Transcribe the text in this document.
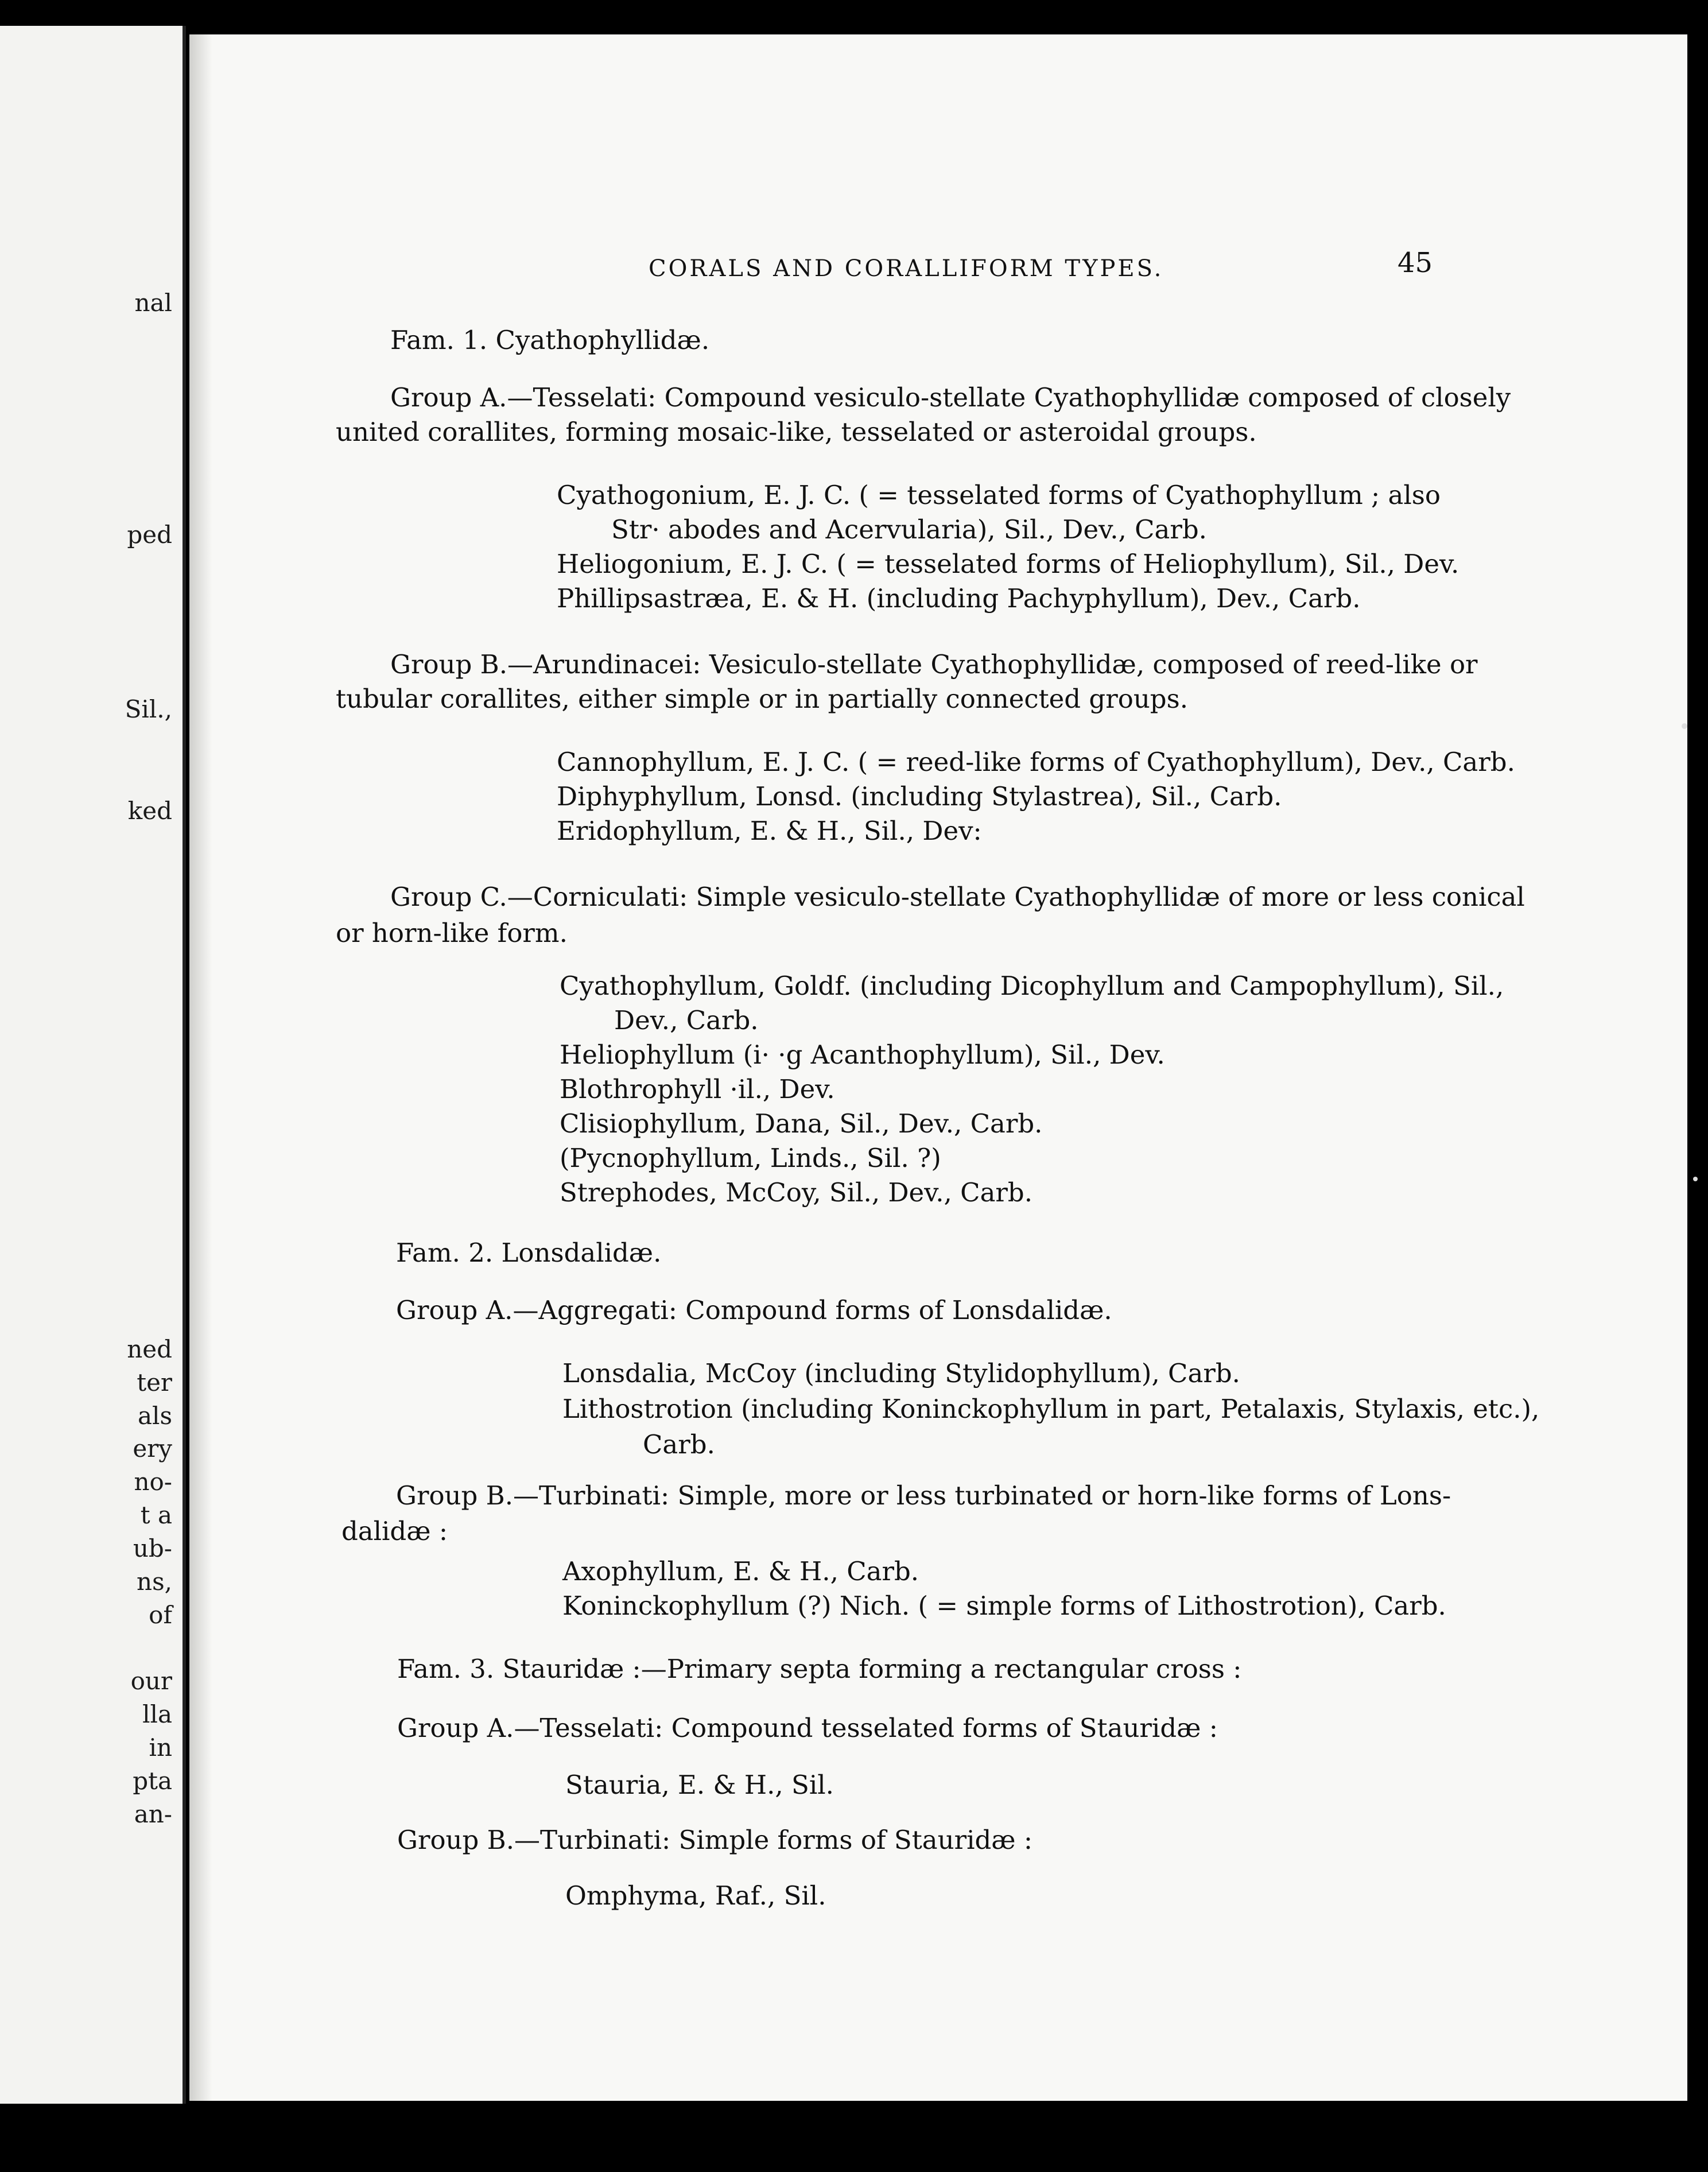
nal
ped
Sil.,
ked
ned
ter
als
ery
no-
t a
ub-
ns,
of
our
lla
in
pta
an-
CORALS AND CORALLIFORM TYPES.	45
Fam. 1. Cyathophyllidæ.
Group A.—Tesselati: Compound vesiculo-stellate Cyathophyllidæ composed of closely
united corallites, forming mosaic-like, tesselated or asteroidal groups.
Cyathogonium, E. J. C. ( = tesselated forms of Cyathophyllum ; also
Str· abodes and Acervularia), Sil., Dev., Carb.
Heliogonium, E. J. C. ( = tesselated forms of Heliophyllum), Sil., Dev.
Phillipsastræa, E. & H. (including Pachyphyllum), Dev., Carb.
Group B.—Arundinacei: Vesiculo-stellate Cyathophyllidæ, composed of reed-like or
tubular corallites, either simple or in partially connected groups.
Cannophyllum, E. J. C. ( = reed-like forms of Cyathophyllum), Dev., Carb.
Diphyphyllum, Lonsd. (including Stylastrea), Sil., Carb.
Eridophyllum, E. & H., Sil., Dev:
Group C.—Corniculati: Simple vesiculo-stellate Cyathophyllidæ of more or less conical
or horn-like form.
Cyathophyllum, Goldf. (including Dicophyllum and Campophyllum), Sil.,
Dev., Carb.
Heliophyllum (i· ·g Acanthophyllum), Sil., Dev.
Blothrophyll ·il., Dev.
Clisiophyllum, Dana, Sil., Dev., Carb.
(Pycnophyllum, Linds., Sil. ?)
Strephodes, McCoy, Sil., Dev., Carb.
Fam. 2. Lonsdalidæ.
Group A.—Aggregati: Compound forms of Lonsdalidæ.
Lonsdalia, McCoy (including Stylidophyllum), Carb.
Lithostrotion (including Koninckophyllum in part, Petalaxis, Stylaxis, etc.),
Carb.
Group B.—Turbinati: Simple, more or less turbinated or horn-like forms of Lons-
dalidæ :
Axophyllum, E. & H., Carb.
Koninckophyllum (?) Nich. ( = simple forms of Lithostrotion), Carb.
Fam. 3. Stauridæ :—Primary septa forming a rectangular cross :
Group A.—Tesselati: Compound tesselated forms of Stauridæ :
Stauria, E. & H., Sil.
Group B.—Turbinati: Simple forms of Stauridæ :
Omphyma, Raf., Sil.
